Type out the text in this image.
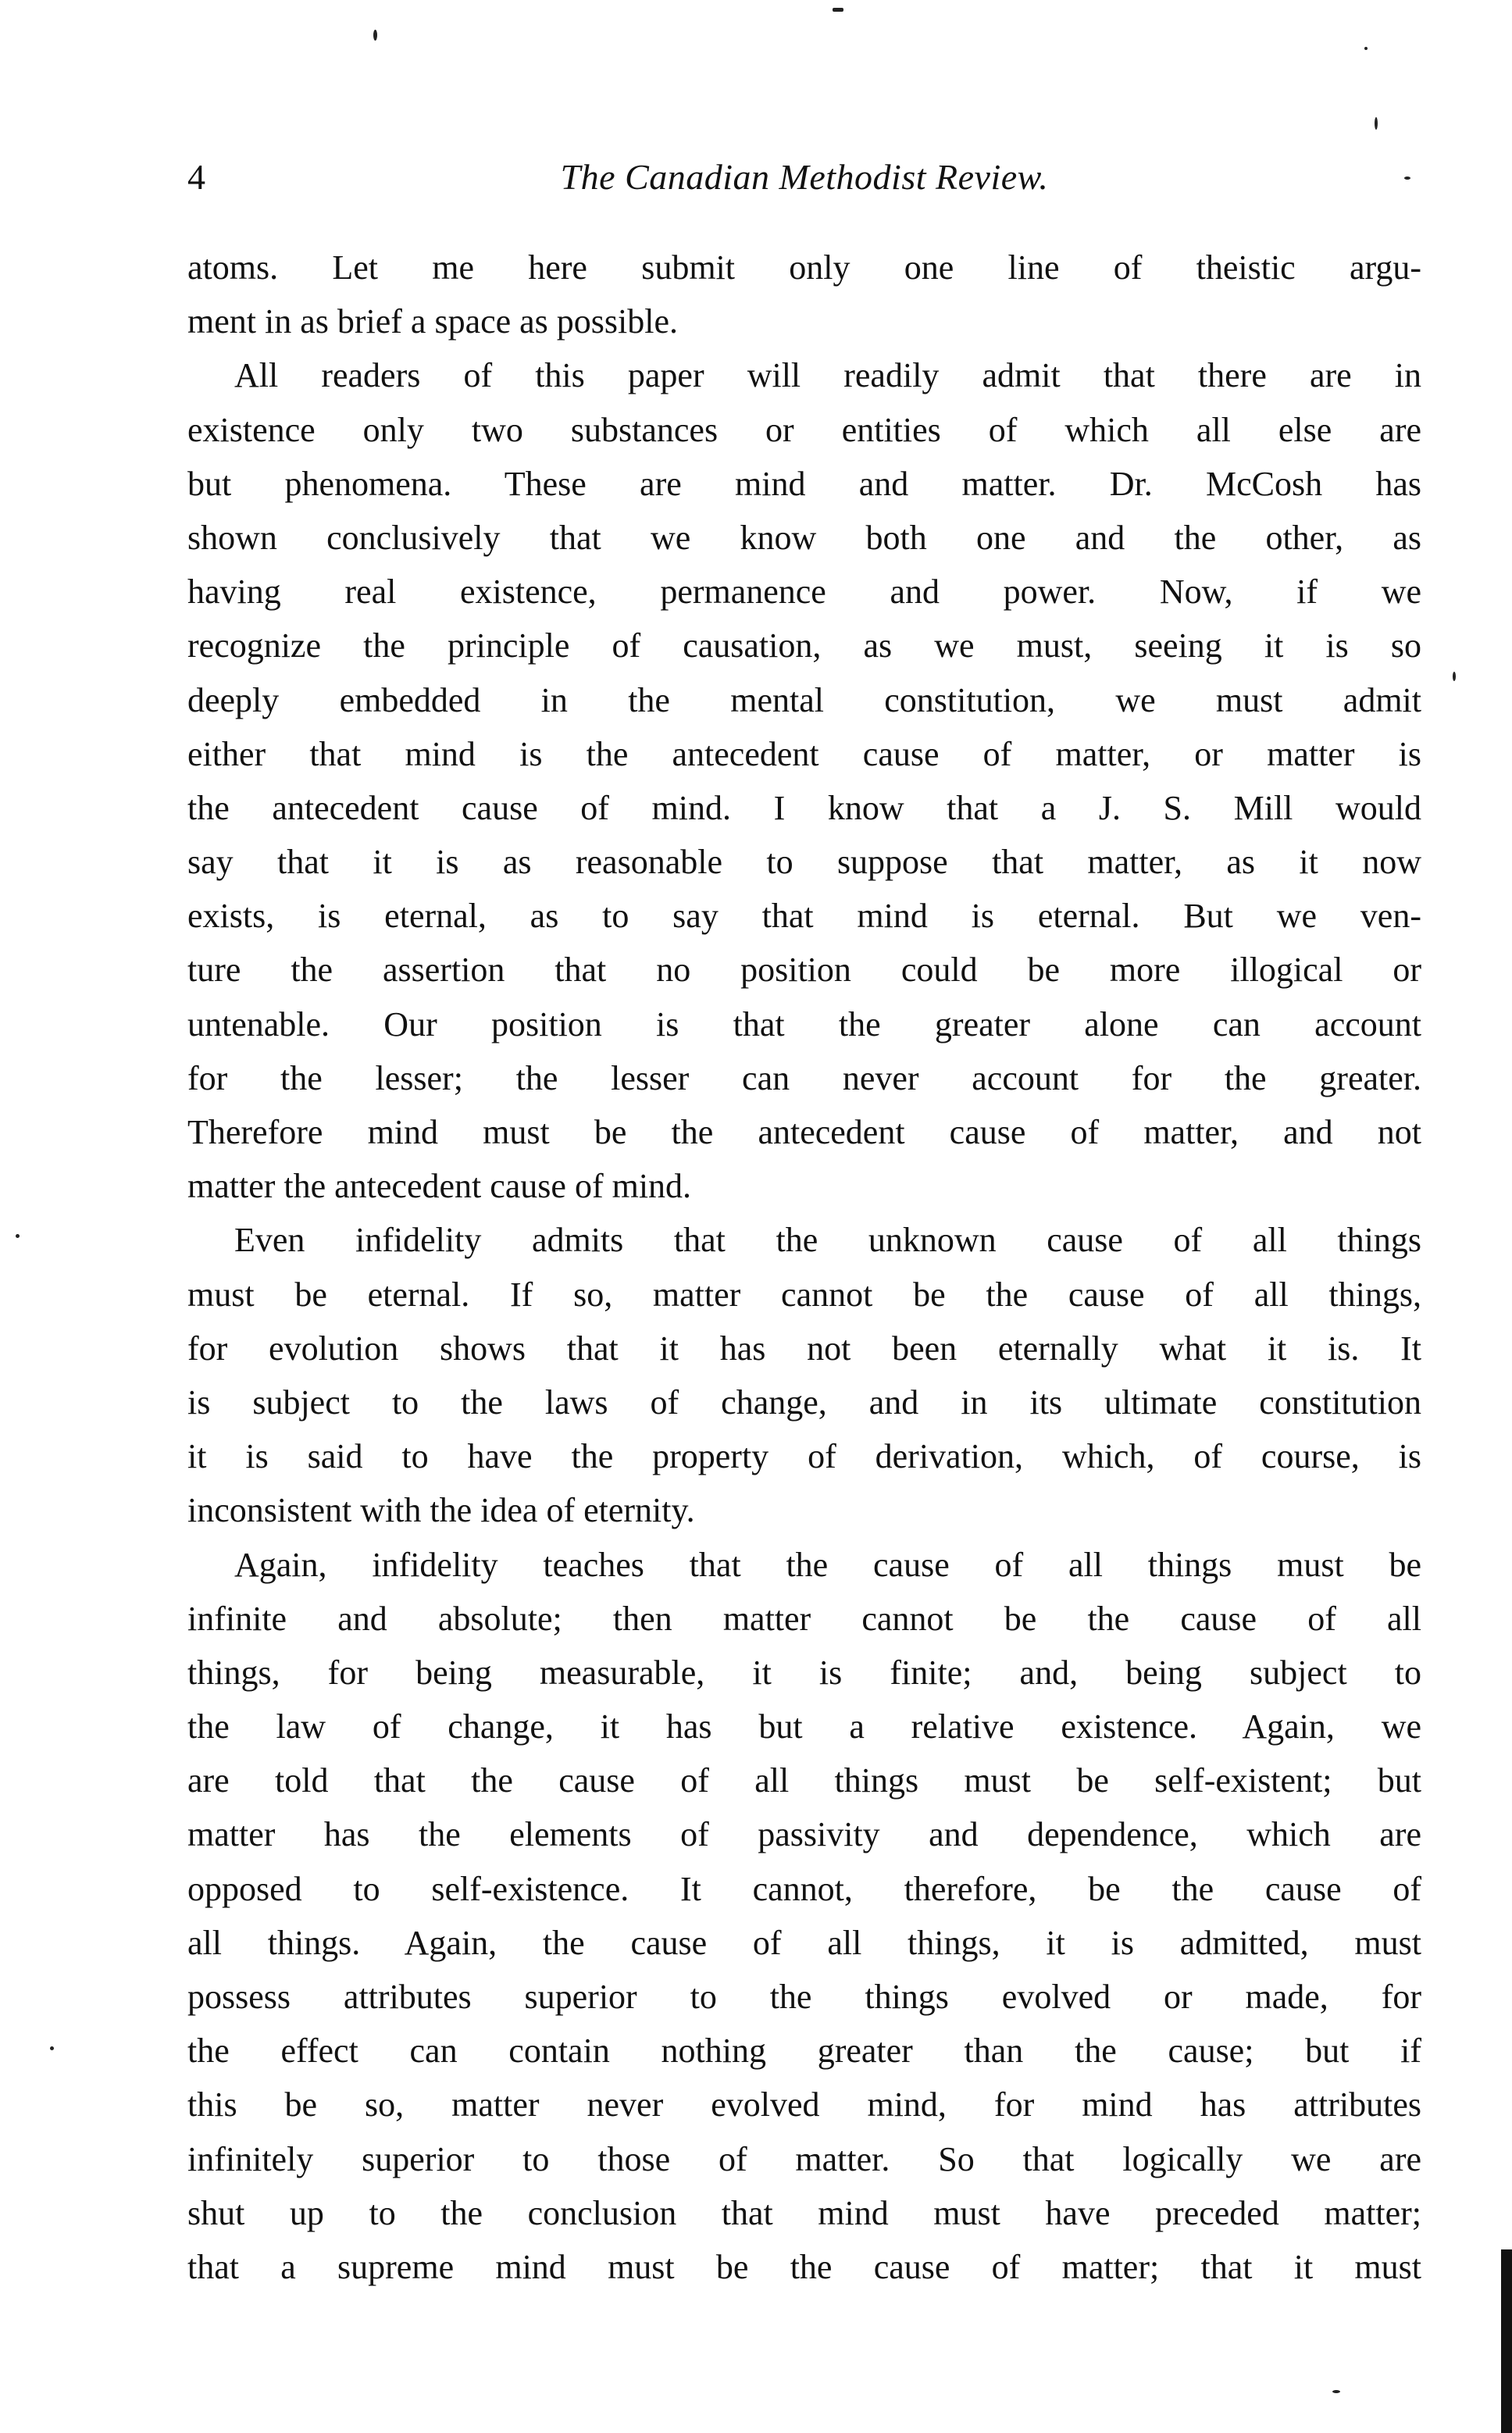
4	The Canadian Methodist Review.
atoms. Let me here submit only one line of theistic argu-
ment in as brief a space as possible.
All readers of this paper will readily admit that there are in
existence only two substances or entities of which all else are
but phenomena. These are mind and matter. Dr. McCosh has
shown conclusively that we know both one and the other, as
having real existence, permanence and power. Now, if we
recognize the principle of causation, as we must, seeing it is so
deeply embedded in the mental constitution, we must admit
either that mind is the antecedent cause of matter, or matter is
the antecedent cause of mind. I know that a J. S. Mill would
say that it is as reasonable to suppose that matter, as it now
exists, is eternal, as to say that mind is eternal. But we ven-
ture the assertion that no position could be more illogical or
untenable. Our position is that the greater alone can account
for the lesser; the lesser can never account for the greater.
Therefore mind must be the antecedent cause of matter, and not
matter the antecedent cause of mind.
Even infidelity admits that the unknown cause of all things
must be eternal. If so, matter cannot be the cause of all things,
for evolution shows that it has not been eternally what it is. It
is subject to the laws of change, and in its ultimate constitution
it is said to have the property of derivation, which, of course, is
inconsistent with the idea of eternity.
Again, infidelity teaches that the cause of all things must be
infinite and absolute; then matter cannot be the cause of all
things, for being measurable, it is finite; and, being subject to
the law of change, it has but a relative existence. Again, we
are told that the cause of all things must be self-existent; but
matter has the elements of passivity and dependence, which are
opposed to self-existence. It cannot, therefore, be the cause of
all things. Again, the cause of all things, it is admitted, must
possess attributes superior to the things evolved or made, for
the effect can contain nothing greater than the cause; but if
this be so, matter never evolved mind, for mind has attributes
infinitely superior to those of matter. So that logically we are
shut up to the conclusion that mind must have preceded matter;
that a supreme mind must be the cause of matter; that it must
